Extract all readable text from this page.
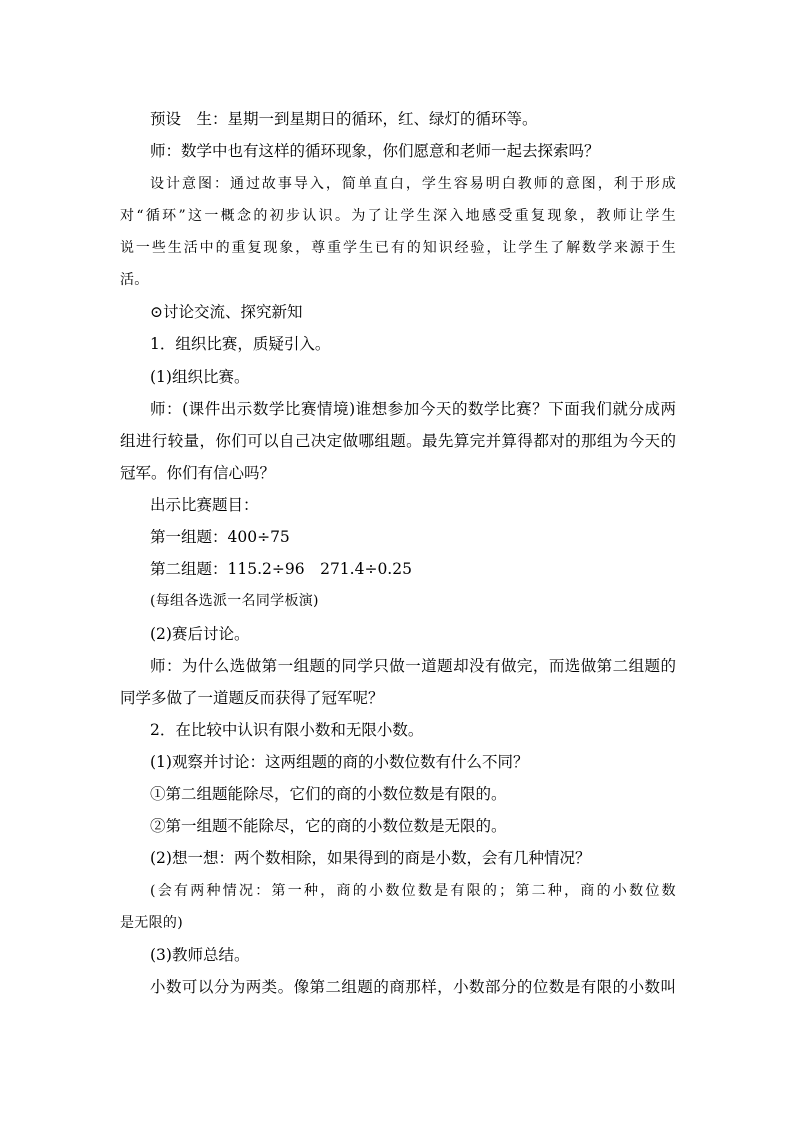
预设　生：星期一到星期日的循环，红、绿灯的循环等。
师：数学中也有这样的循环现象，你们愿意和老师一起去探索吗？
设计意图：通过故事导入，简单直白，学生容易明白教师的意图，利于形成
对“循环”这一概念的初步认识。为了让学生深入地感受重复现象，教师让学生
说一些生活中的重复现象，尊重学生已有的知识经验，让学生了解数学来源于生
活。
⊙讨论交流、探究新知
1．组织比赛，质疑引入。
(1)组织比赛。
师：(课件出示数学比赛情境)谁想参加今天的数学比赛？下面我们就分成两
组进行较量，你们可以自己决定做哪组题。最先算完并算得都对的那组为今天的
冠军。你们有信心吗？
出示比赛题目：
第一组题：400÷75
第二组题：115.2÷96　271.4÷0.25
(每组各选派一名同学板演)
(2)赛后讨论。
师：为什么选做第一组题的同学只做一道题却没有做完，而选做第二组题的
同学多做了一道题反而获得了冠军呢？
2．在比较中认识有限小数和无限小数。
(1)观察并讨论：这两组题的商的小数位数有什么不同？
①第二组题能除尽，它们的商的小数位数是有限的。
②第一组题不能除尽，它的商的小数位数是无限的。
(2)想一想：两个数相除，如果得到的商是小数，会有几种情况？
(会有两种情况：第一种，商的小数位数是有限的；第二种，商的小数位数
是无限的)
(3)教师总结。
小数可以分为两类。像第二组题的商那样，小数部分的位数是有限的小数叫
